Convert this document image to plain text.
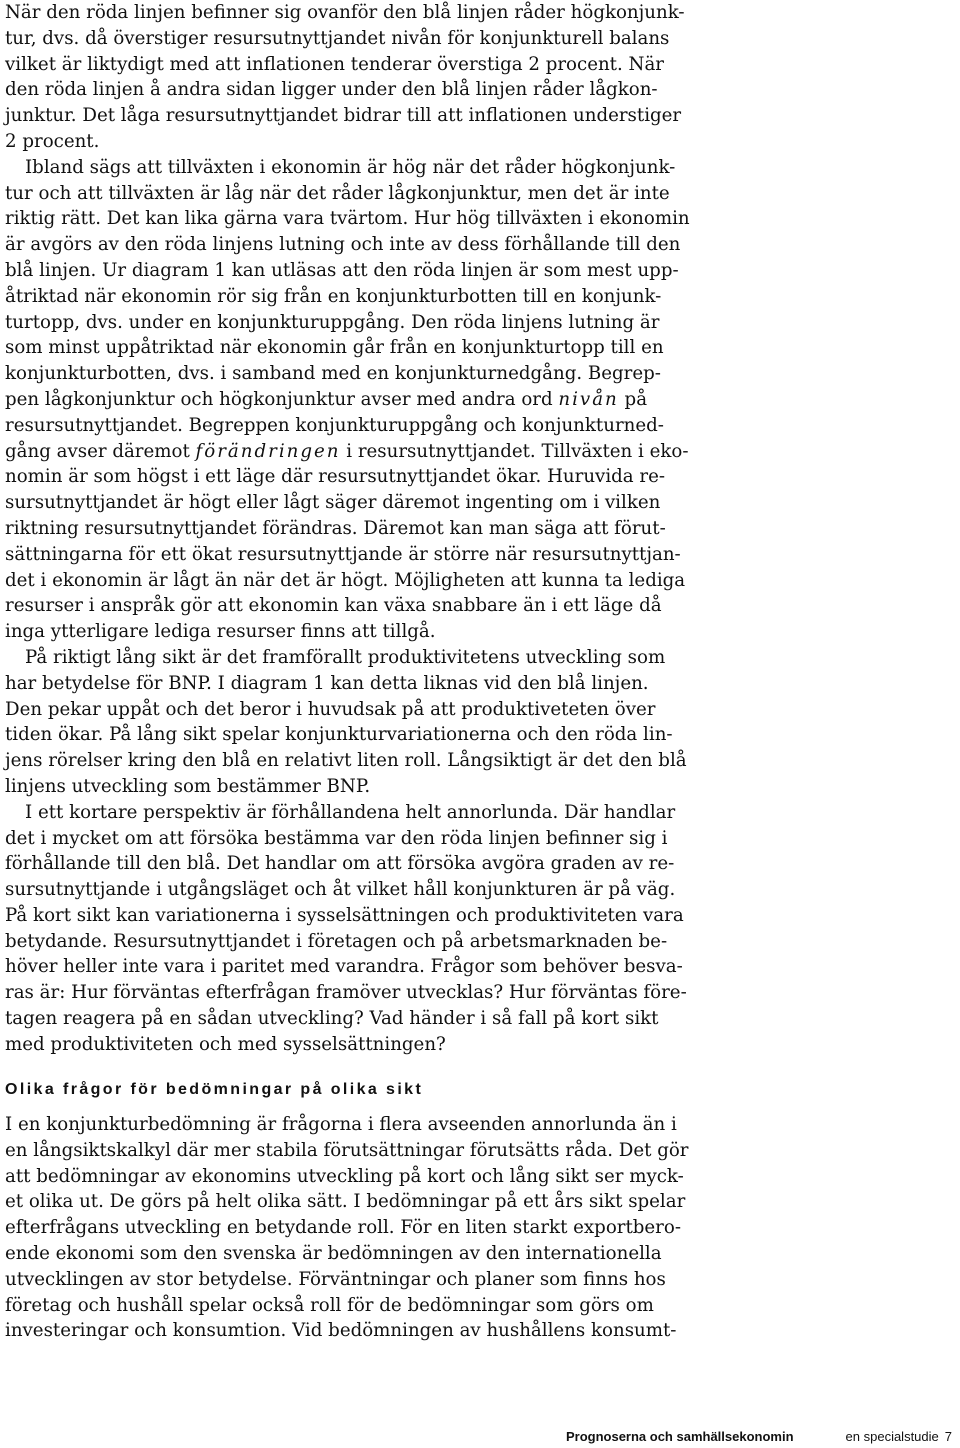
När den röda linjen befinner sig ovanför den blå linjen råder högkonjunk-
tur, dvs. då överstiger resursutnyttjandet nivån för konjunkturell balans
vilket är liktydigt med att inflationen tenderar överstiga 2 procent. När
den röda linjen å andra sidan ligger under den blå linjen råder lågkon-
junktur. Det låga resursutnyttjandet bidrar till att inflationen understiger
2 procent.
Ibland sägs att tillväxten i ekonomin är hög när det råder högkonjunk-
tur och att tillväxten är låg när det råder lågkonjunktur, men det är inte
riktig rätt. Det kan lika gärna vara tvärtom. Hur hög tillväxten i ekonomin
är avgörs av den röda linjens lutning och inte av dess förhållande till den
blå linjen. Ur diagram 1 kan utläsas att den röda linjen är som mest upp-
åtriktad när ekonomin rör sig från en konjunkturbotten till en konjunk-
turtopp, dvs. under en konjunkturuppgång. Den röda linjens lutning är
som minst uppåtriktad när ekonomin går från en konjunkturtopp till en
konjunkturbotten, dvs. i samband med en konjunkturnedgång. Begrep-
pen lågkonjunktur och högkonjunktur avser med andra ord nivån på
resursutnyttjandet. Begreppen konjunkturuppgång och konjunkturned-
gång avser däremot förändringen i resursutnyttjandet. Tillväxten i eko-
nomin är som högst i ett läge där resursutnyttjandet ökar. Huruvida re-
sursutnyttjandet är högt eller lågt säger däremot ingenting om i vilken
riktning resursutnyttjandet förändras. Däremot kan man säga att förut-
sättningarna för ett ökat resursutnyttjande är större när resursutnyttjan-
det i ekonomin är lågt än när det är högt. Möjligheten att kunna ta lediga
resurser i anspråk gör att ekonomin kan växa snabbare än i ett läge då
inga ytterligare lediga resurser finns att tillgå.
På riktigt lång sikt är det framförallt produktivitetens utveckling som
har betydelse för BNP. I diagram 1 kan detta liknas vid den blå linjen.
Den pekar uppåt och det beror i huvudsak på att produktiveteten över
tiden ökar. På lång sikt spelar konjunkturvariationerna och den röda lin-
jens rörelser kring den blå en relativt liten roll. Långsiktigt är det den blå
linjens utveckling som bestämmer BNP.
I ett kortare perspektiv är förhållandena helt annorlunda. Där handlar
det i mycket om att försöka bestämma var den röda linjen befinner sig i
förhållande till den blå. Det handlar om att försöka avgöra graden av re-
sursutnyttjande i utgångsläget och åt vilket håll konjunkturen är på väg.
På kort sikt kan variationerna i sysselsättningen och produktiviteten vara
betydande. Resursutnyttjandet i företagen och på arbetsmarknaden be-
höver heller inte vara i paritet med varandra. Frågor som behöver besva-
ras är: Hur förväntas efterfrågan framöver utvecklas? Hur förväntas före-
tagen reagera på en sådan utveckling? Vad händer i så fall på kort sikt
med produktiviteten och med sysselsättningen?
Olika frågor för bedömningar på olika sikt
I en konjunkturbedömning är frågorna i flera avseenden annorlunda än i
en långsiktskalkyl där mer stabila förutsättningar förutsätts råda. Det gör
att bedömningar av ekonomins utveckling på kort och lång sikt ser myck-
et olika ut. De görs på helt olika sätt. I bedömningar på ett års sikt spelar
efterfrågans utveckling en betydande roll. För en liten starkt exportbero-
ende ekonomi som den svenska är bedömningen av den internationella
utvecklingen av stor betydelse. Förväntningar och planer som finns hos
företag och hushåll spelar också roll för de bedömningar som görs om
investeringar och konsumtion. Vid bedömningen av hushållens konsumt-
Prognoserna och samhällsekonomin	en specialstudie 7
